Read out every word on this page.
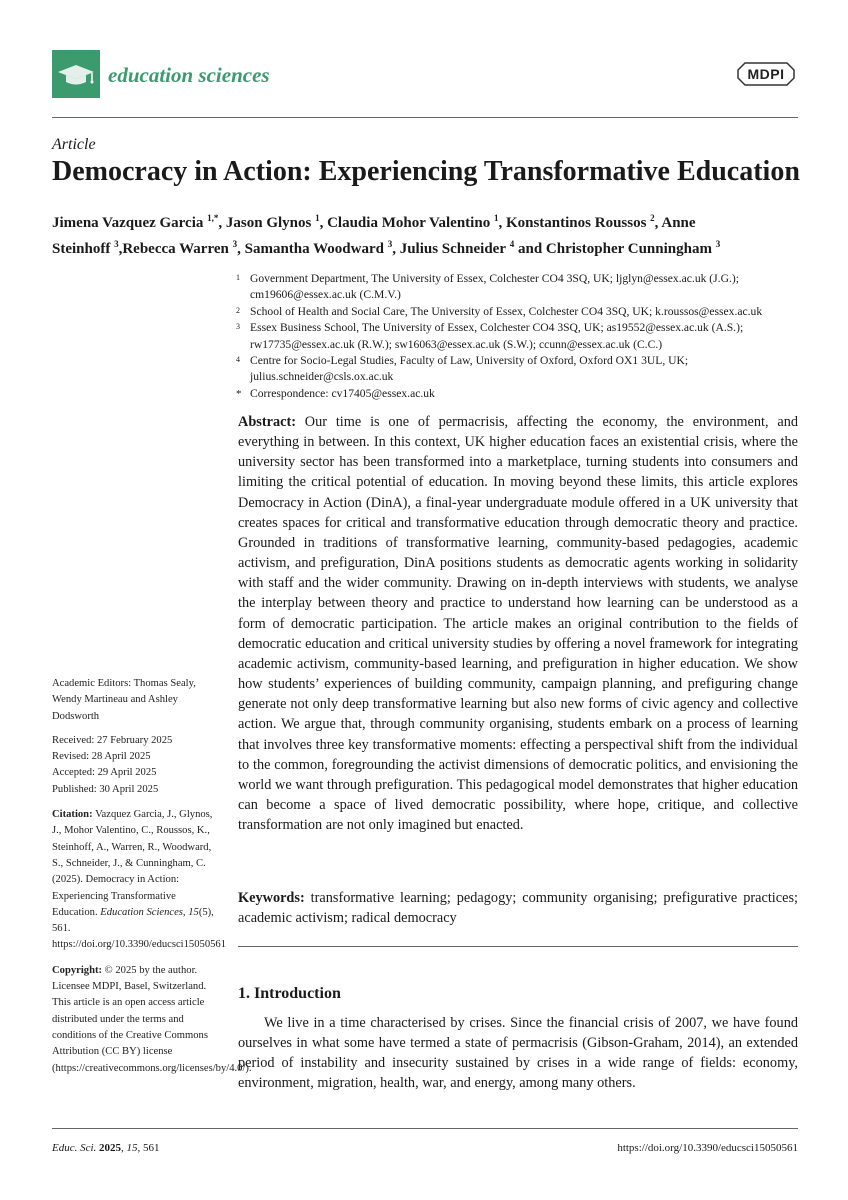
education sciences	MDPI
Article
Democracy in Action: Experiencing Transformative Education
Jimena Vazquez Garcia $^{1,*}$, Jason Glynos $^1$, Claudia Mohor Valentino $^1$, Konstantinos Roussos $^2$, Anne Steinhoff $^3$,Rebecca Warren $^3$, Samantha Woodward $^3$, Julius Schneider $^4$ and Christopher Cunningham $^3$
1 Government Department, The University of Essex, Colchester CO4 3SQ, UK; ljglyn@essex.ac.uk (J.G.);
cm19606@essex.ac.uk (C.M.V.)
2 School of Health and Social Care, The University of Essex, Colchester CO4 3SQ, UK; k.roussos@essex.ac.uk
3 Essex Business School, The University of Essex, Colchester CO4 3SQ, UK; as19552@essex.ac.uk (A.S.);
rw17735@essex.ac.uk (R.W.); sw16063@essex.ac.uk (S.W.); ccunn@essex.ac.uk (C.C.)
4 Centre for Socio-Legal Studies, Faculty of Law, University of Oxford, Oxford OX1 3UL, UK;
julius.schneider@csls.ox.ac.uk
* Correspondence: cv17405@essex.ac.uk
Abstract: Our time is one of permacrisis, affecting the economy, the environment, and everything in between. In this context, UK higher education faces an existential crisis, where the university sector has been transformed into a marketplace, turning students into consumers and limiting the critical potential of education. In moving beyond these limits, this article explores Democracy in Action (DinA), a final-year undergraduate module offered in a UK university that creates spaces for critical and transformative education through democratic theory and practice. Grounded in traditions of transformative learning, community-based pedagogies, academic activism, and prefiguration, DinA positions students as democratic agents working in solidarity with staff and the wider community. Drawing on in-depth interviews with students, we analyse the interplay between theory and practice to understand how learning can be understood as a form of democratic participation. The article makes an original contribution to the fields of democratic education and critical university studies by offering a novel framework for integrating academic activism, community-based learning, and prefiguration in higher education. We show how students’ experiences of building community, campaign planning, and prefiguring change generate not only deep transformative learning but also new forms of civic agency and collective action. We argue that, through community organising, students embark on a process of learning that involves three key transformative moments: effecting a perspectival shift from the individual to the common, foregrounding the activist dimensions of democratic politics, and envisioning the world we want through prefiguration. This pedagogical model demonstrates that higher education can become a space of lived democratic possibility, where hope, critique, and collective transformation are not only imagined but enacted.
Keywords: transformative learning; pedagogy; community organising; prefigurative practices; academic activism; radical democracy
Academic Editors: Thomas Sealy, Wendy Martineau and Ashley Dodsworth
Received: 27 February 2025
Revised: 28 April 2025
Accepted: 29 April 2025
Published: 30 April 2025
Citation: Vazquez Garcia, J., Glynos, J., Mohor Valentino, C., Roussos, K., Steinhoff, A., Warren, R., Woodward, S., Schneider, J., & Cunningham, C. (2025). Democracy in Action: Experiencing Transformative Education. Education Sciences, 15(5), 561. https://doi.org/10.3390/educsci15050561
Copyright: © 2025 by the author. Licensee MDPI, Basel, Switzerland. This article is an open access article distributed under the terms and conditions of the Creative Commons Attribution (CC BY) license (https://creativecommons.org/licenses/by/4.0/).
1. Introduction
We live in a time characterised by crises. Since the financial crisis of 2007, we have found ourselves in what some have termed a state of permacrisis (Gibson-Graham, 2014), an extended period of instability and insecurity sustained by crises in a wide range of fields: economy, environment, migration, health, war, and energy, among many others.
Educ. Sci. 2025, 15, 561	https://doi.org/10.3390/educsci15050561
